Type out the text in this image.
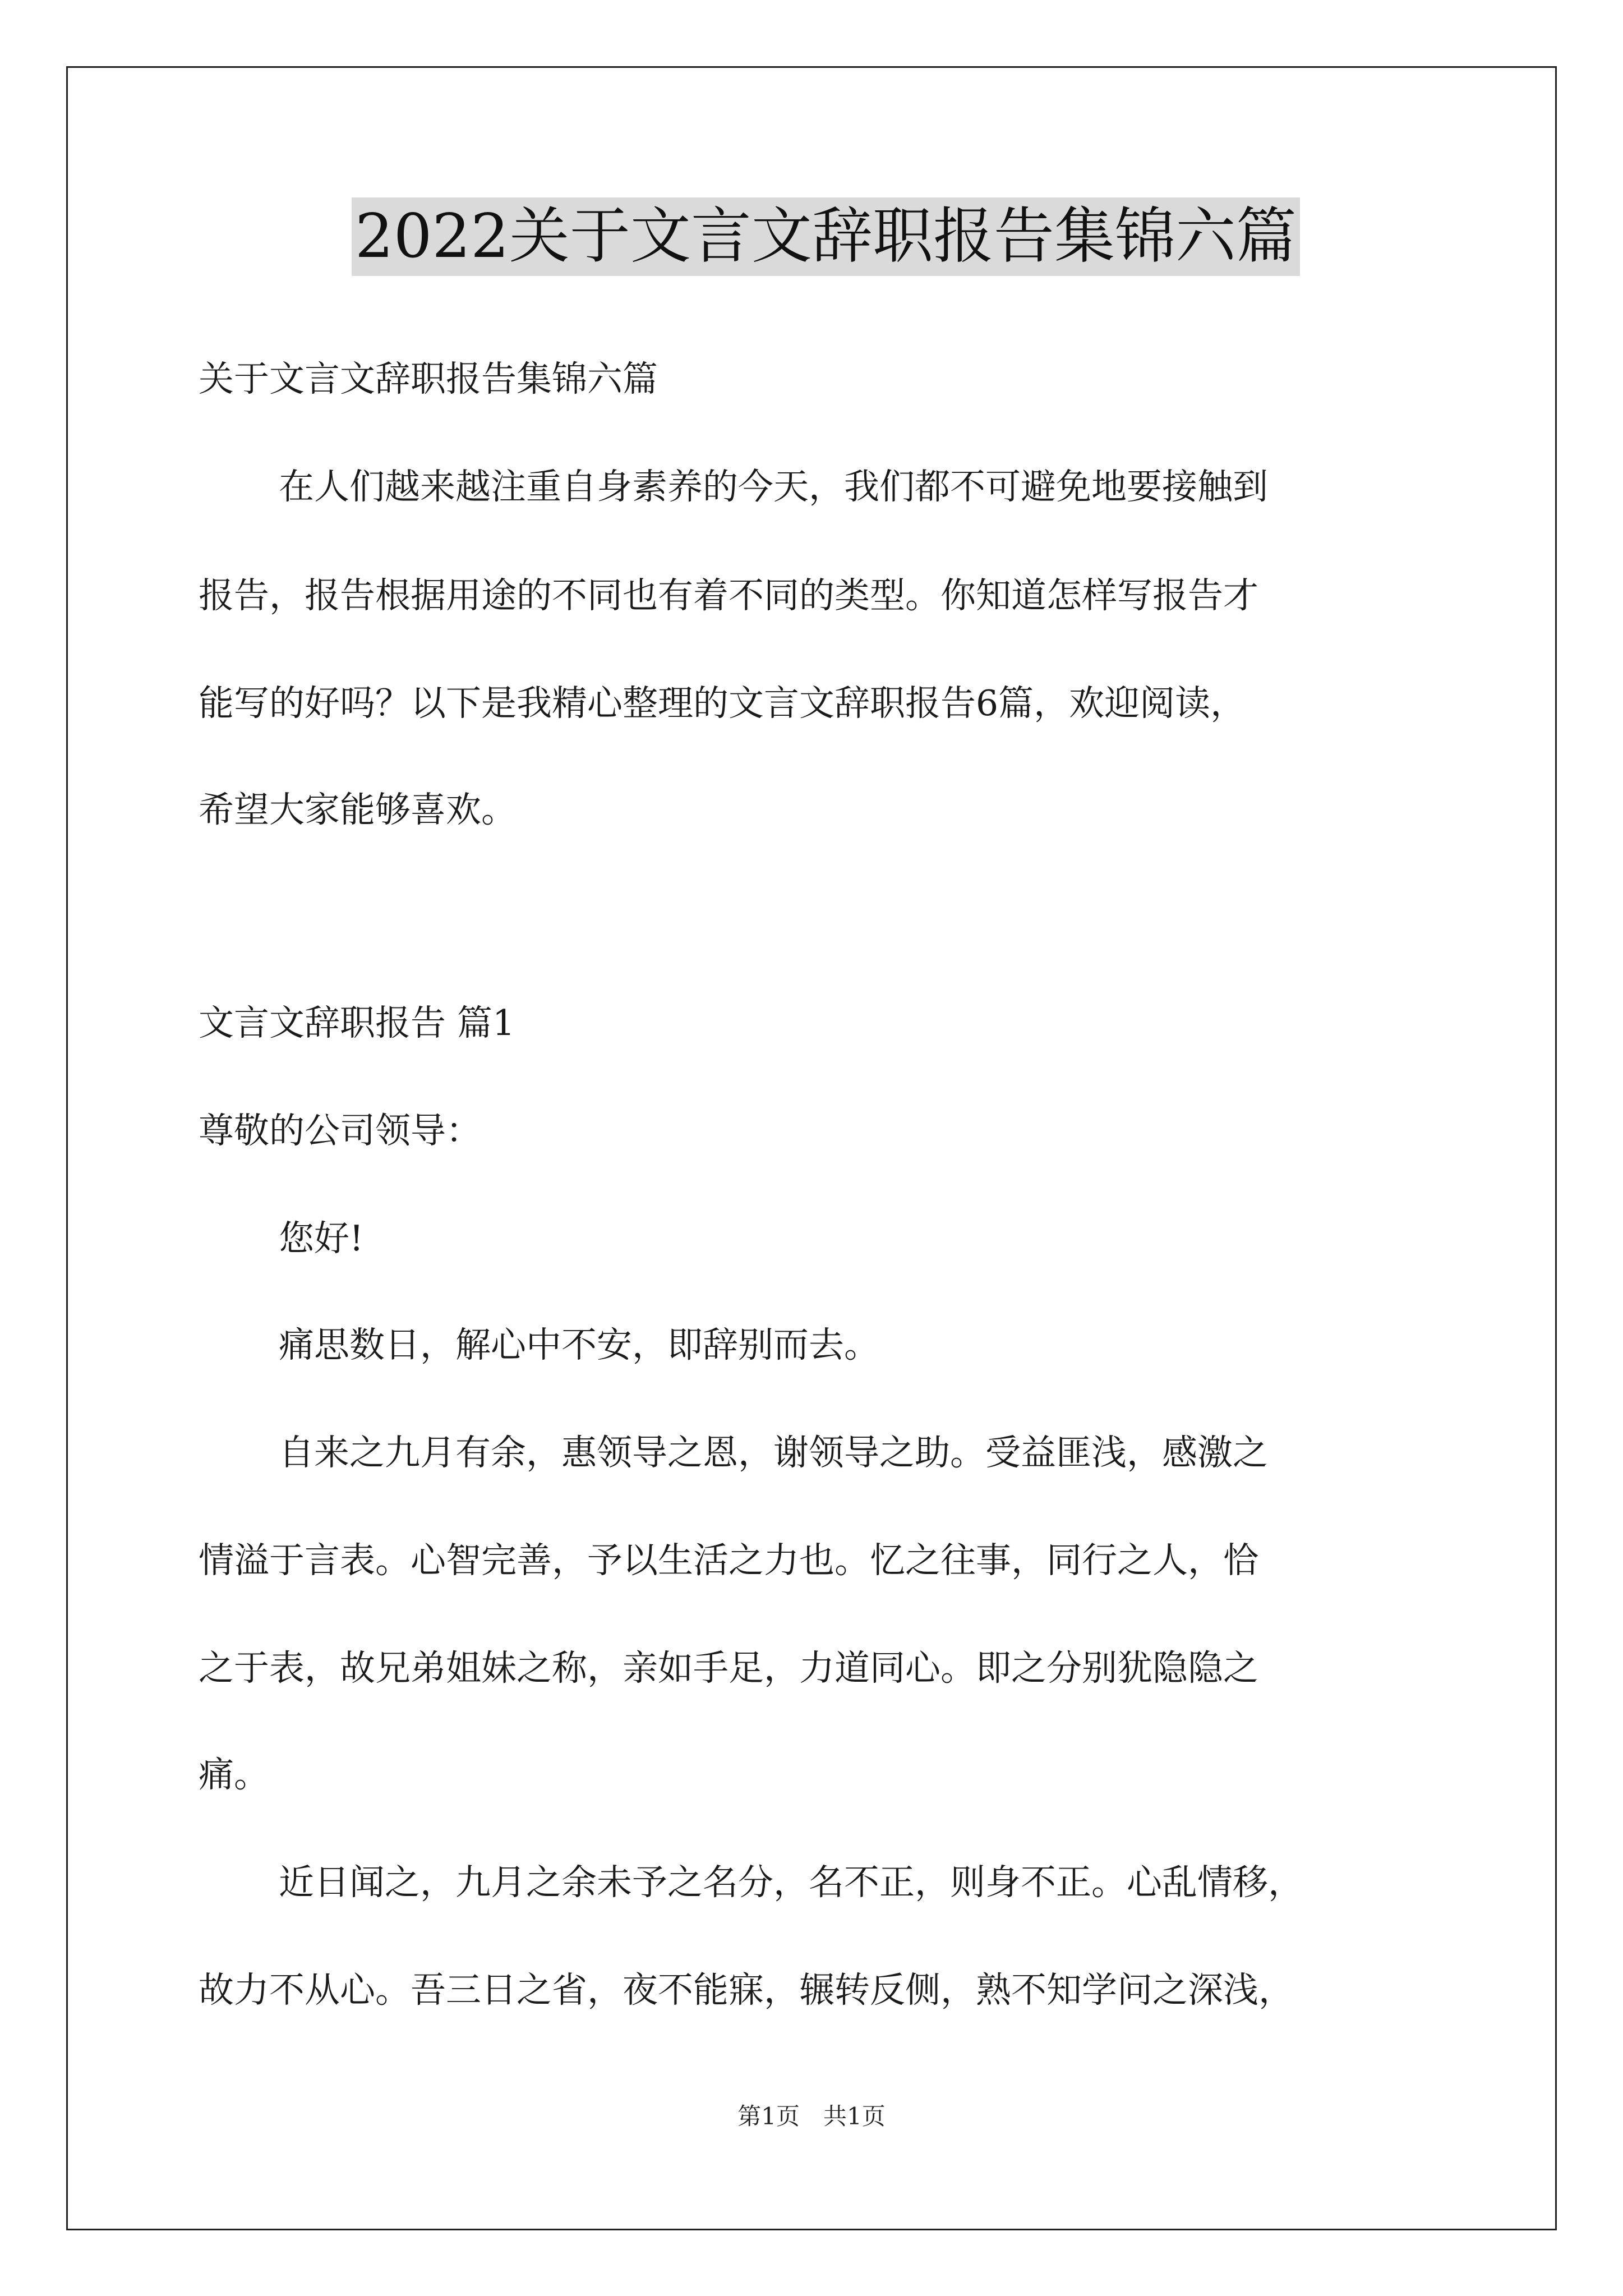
2022关于文言文辞职报告集锦六篇
关于文言文辞职报告集锦六篇
在人们越来越注重自身素养的今天，我们都不可避免地要接触到
报告，报告根据用途的不同也有着不同的类型。你知道怎样写报告才
能写的好吗？以下是我精心整理的文言文辞职报告6篇，欢迎阅读，
希望大家能够喜欢。
文言文辞职报告 篇1
尊敬的公司领导：
您好!
痛思数日，解心中不安，即辞别而去。
自来之九月有余，惠领导之恩，谢领导之助。受益匪浅，感激之
情溢于言表。心智完善，予以生活之力也。忆之往事，同行之人，恰
之于表，故兄弟姐妹之称，亲如手足，力道同心。即之分别犹隐隐之
痛。
近日闻之，九月之余未予之名分，名不正，则身不正。心乱情移，
故力不从心。吾三日之省，夜不能寐，辗转反侧，熟不知学问之深浅，
第1页　共1页
